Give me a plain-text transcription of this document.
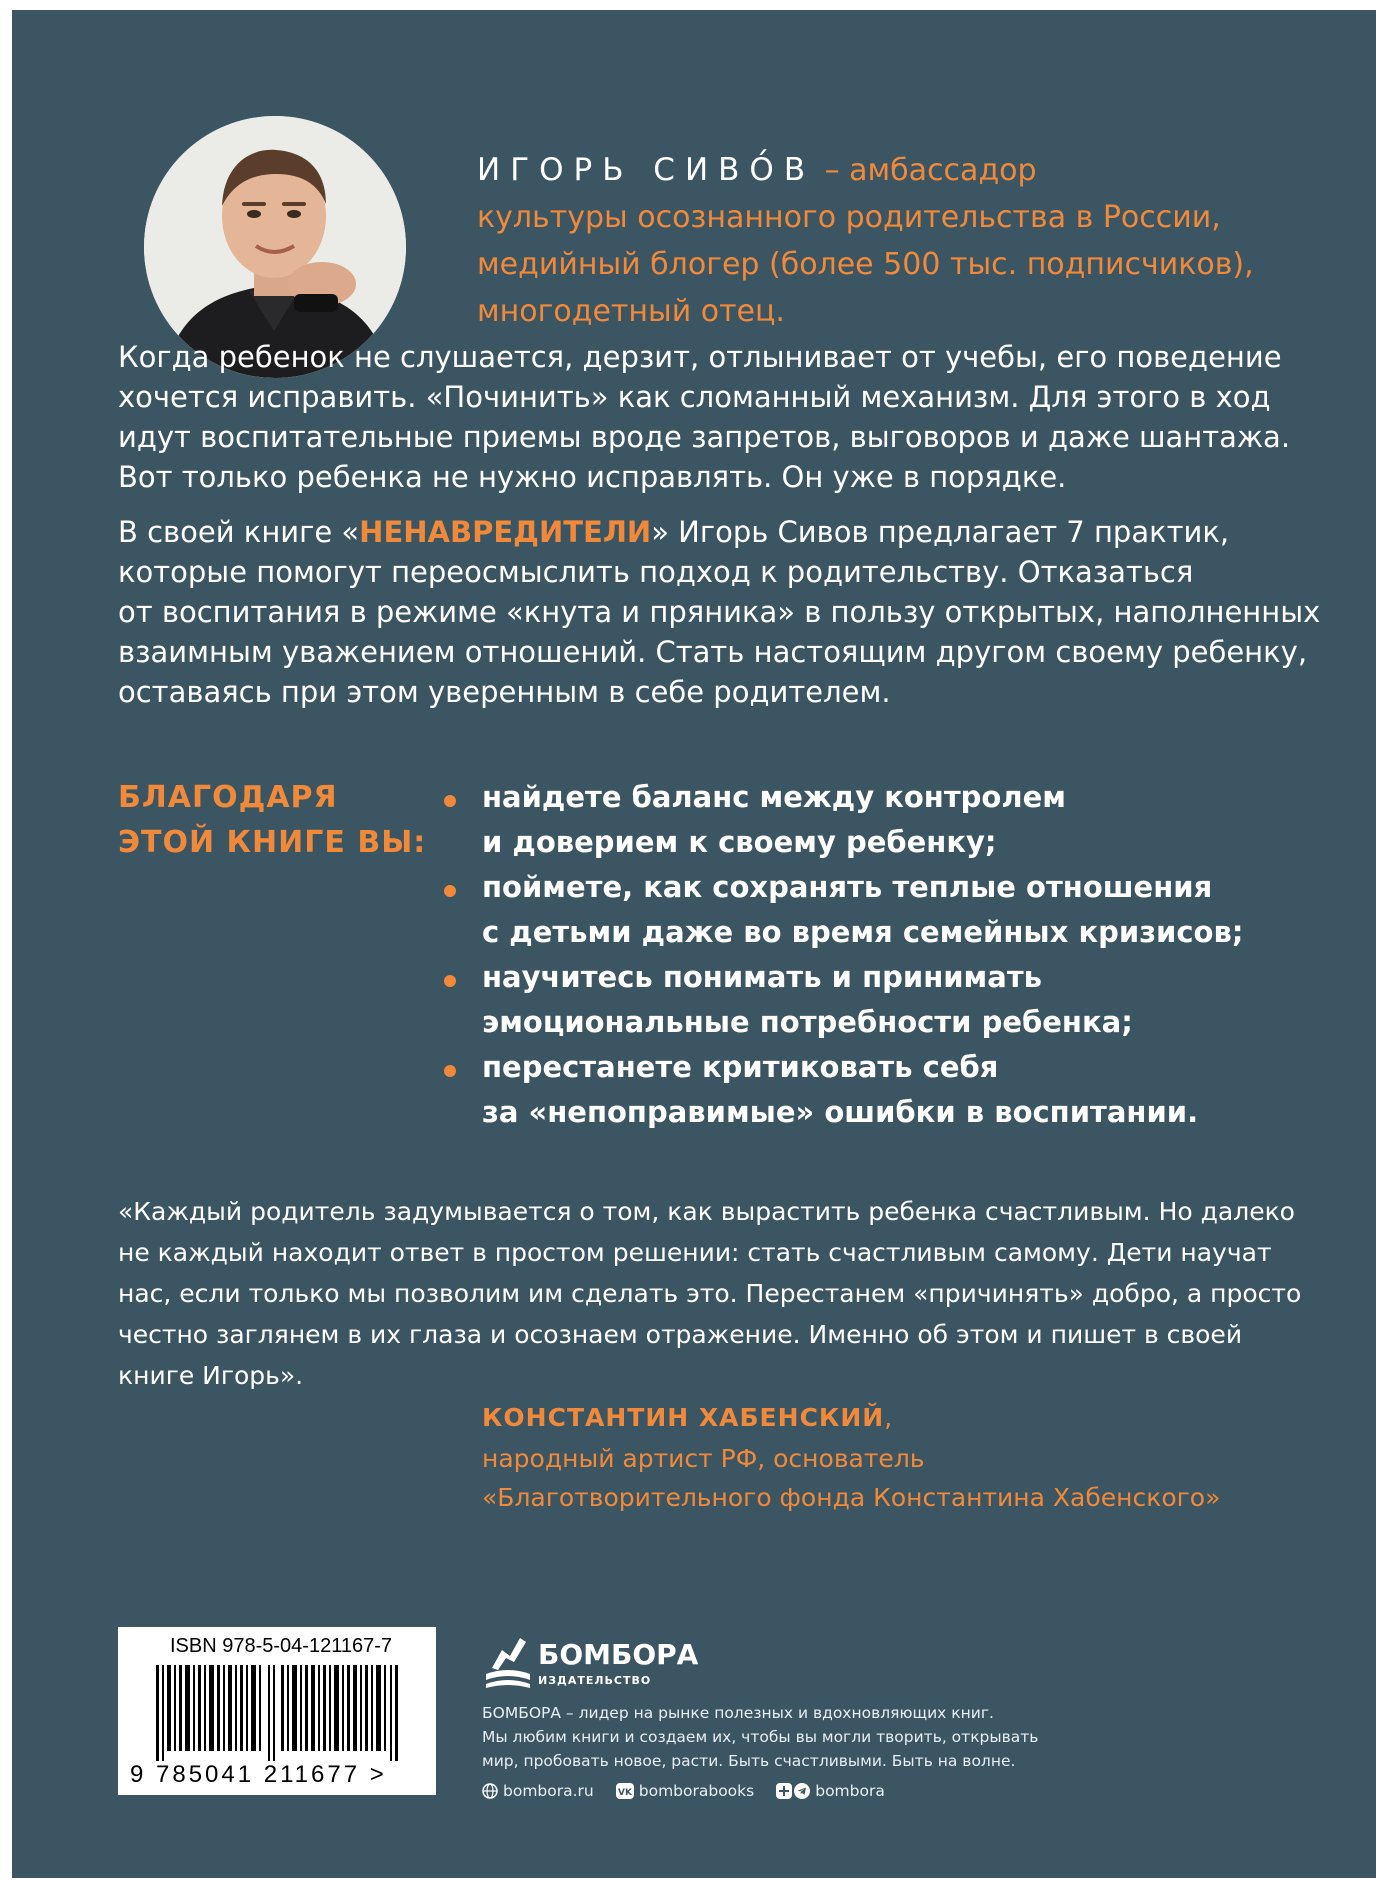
ИГОРЬ СИВО́В – амбассадор
культуры осознанного родительства в России,
медийный блогер (более 500 тыс. подписчиков),
многодетный отец.
Когда ребенок не слушается, дерзит, отлынивает от учебы, его поведение
хочется исправить. «Починить» как сломанный механизм. Для этого в ход
идут воспитательные приемы вроде запретов, выговоров и даже шантажа.
Вот только ребенка не нужно исправлять. Он уже в порядке.
В своей книге «НЕНАВРЕДИТЕЛИ» Игорь Сивов предлагает 7 практик,
которые помогут переосмыслить подход к родительству. Отказаться
от воспитания в режиме «кнута и пряника» в пользу открытых, наполненных
взаимным уважением отношений. Стать настоящим другом своему ребенку,
оставаясь при этом уверенным в себе родителем.
БЛАГОДАРЯ
ЭТОЙ КНИГЕ ВЫ:
найдете баланс между контролем
и доверием к своему ребенку;
поймете, как сохранять теплые отношения
с детьми даже во время семейных кризисов;
научитесь понимать и принимать
эмоциональные потребности ребенка;
перестанете критиковать себя
за «непоправимые» ошибки в воспитании.
«Каждый родитель задумывается о том, как вырастить ребенка счастливым. Но далеко
не каждый находит ответ в простом решении: стать счастливым самому. Дети научат
нас, если только мы позволим им сделать это. Перестанем «причинять» добро, а просто
честно заглянем в их глаза и осознаем отражение. Именно об этом и пишет в своей
книге Игорь».
КОНСТАНТИН ХАБЕНСКИЙ,
народный артист РФ, основатель
«Благотворительного фонда Константина Хабенского»
ISBN 978-5-04-121167-7
9 785041 211677 >
БОМБОРА
ИЗДАТЕЛЬСТВО
БОМБОРА – лидер на рынке полезных и вдохновляющих книг.
Мы любим книги и создаем их, чтобы вы могли творить, открывать
мир, пробовать новое, расти. Быть счастливыми. Быть на волне.
bombora.ru	VK bomborabooks	bombora
